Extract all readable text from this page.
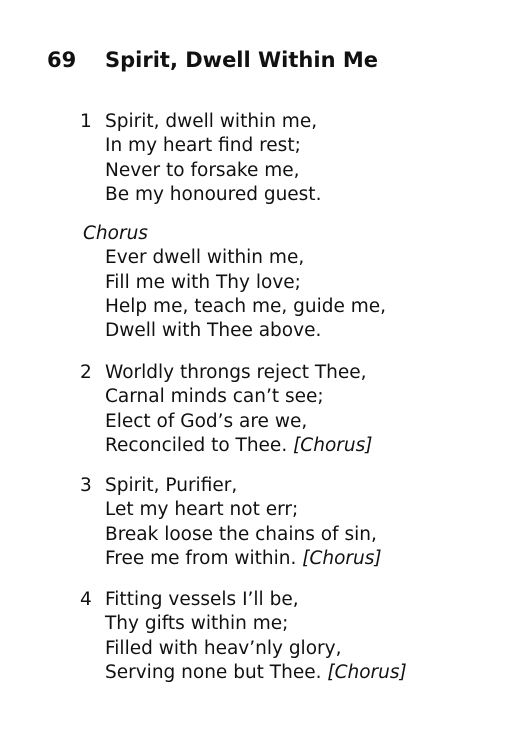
69 Spirit, Dwell Within Me
1 Spirit, dwell within me,
In my heart find rest;
Never to forsake me,
Be my honoured guest.
Chorus
Ever dwell within me,
Fill me with Thy love;
Help me, teach me, guide me,
Dwell with Thee above.
2 Worldly throngs reject Thee,
Carnal minds can’t see;
Elect of God’s are we,
Reconciled to Thee. [Chorus]
3 Spirit, Purifier,
Let my heart not err;
Break loose the chains of sin,
Free me from within. [Chorus]
4 Fitting vessels I’ll be,
Thy gifts within me;
Filled with heav’nly glory,
Serving none but Thee. [Chorus]
